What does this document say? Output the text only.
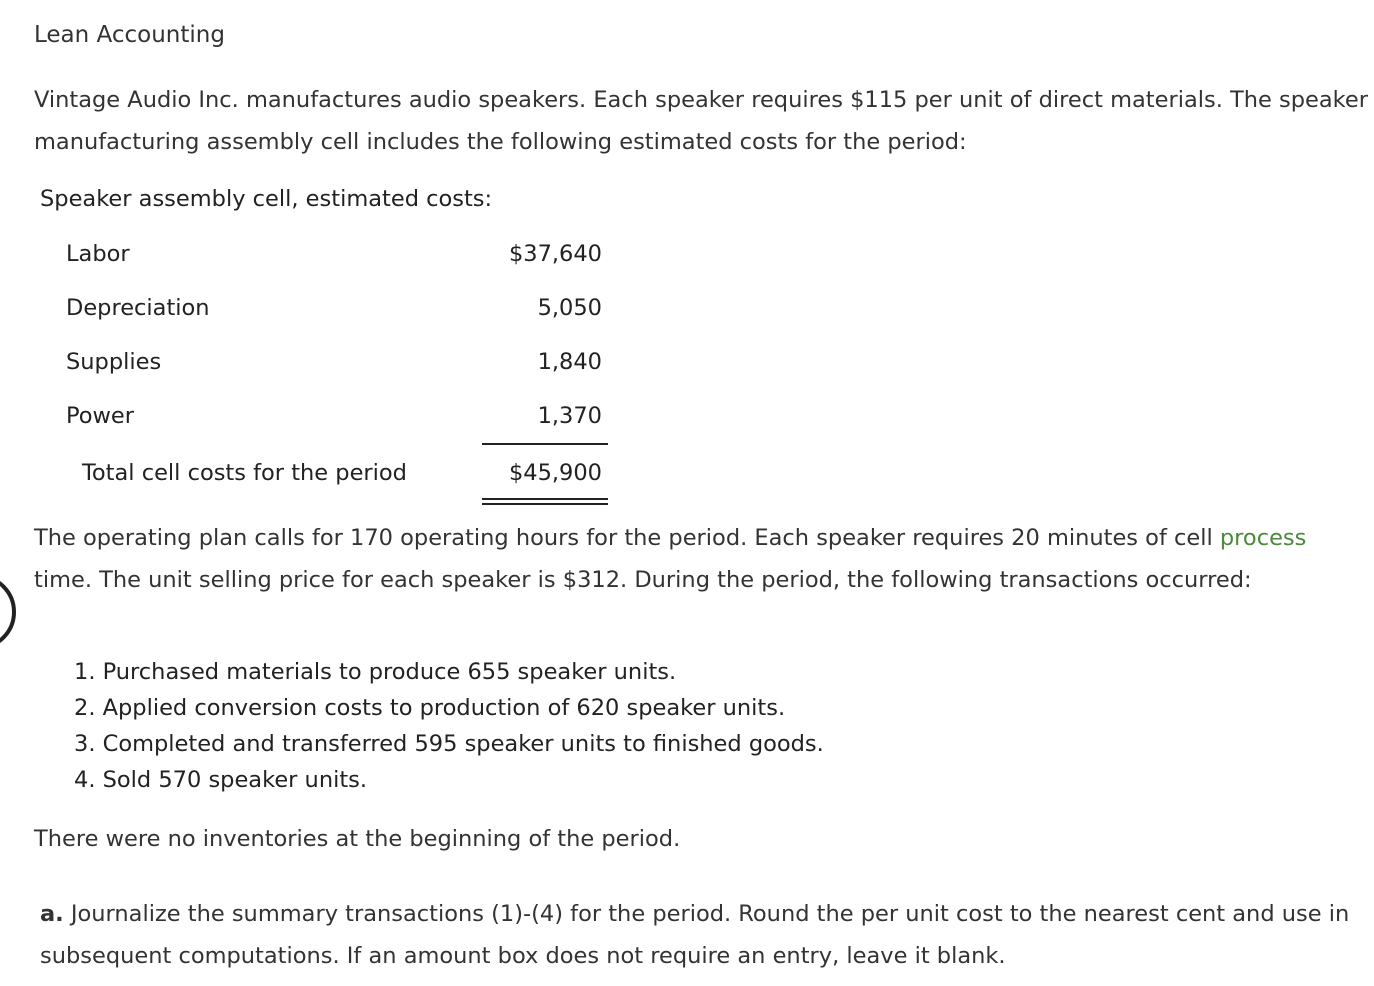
Lean Accounting
Vintage Audio Inc. manufactures audio speakers. Each speaker requires $115 per unit of direct materials. The speaker manufacturing assembly cell includes the following estimated costs for the period:
Speaker assembly cell, estimated costs:
Labor	$37,640
Depreciation	5,050
Supplies	1,840
Power	1,370
Total cell costs for the period	$45,900
The operating plan calls for 170 operating hours for the period. Each speaker requires 20 minutes of cell process time. The unit selling price for each speaker is $312. During the period, the following transactions occurred:
1. Purchased materials to produce 655 speaker units.
2. Applied conversion costs to production of 620 speaker units.
3. Completed and transferred 595 speaker units to finished goods.
4. Sold 570 speaker units.
There were no inventories at the beginning of the period.
a. Journalize the summary transactions (1)-(4) for the period. Round the per unit cost to the nearest cent and use in subsequent computations. If an amount box does not require an entry, leave it blank.
